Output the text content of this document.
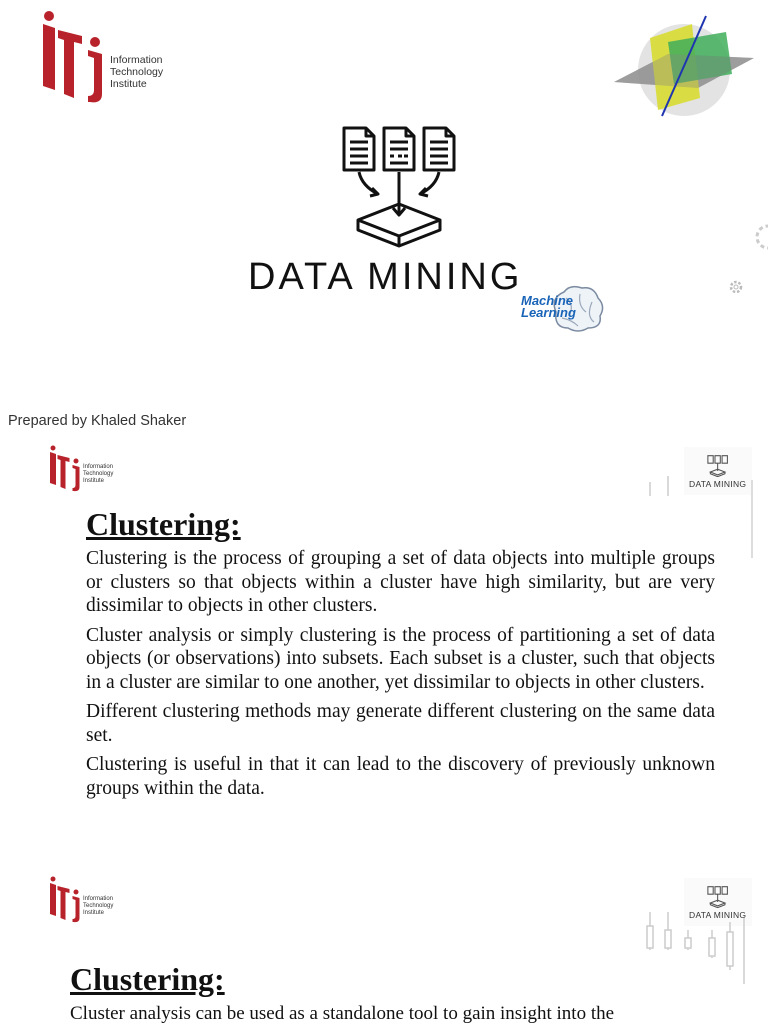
Information
Technology
Institute
DATA MINING
Machine
Learning
Prepared by Khaled Shaker
Information
Technology
Institute	DATA MINING
Clustering:

Clustering is the process of grouping a set of data objects into multiple groups or clusters so that objects within a cluster have high similarity, but are very dissimilar to objects in other clusters.

Cluster analysis or simply clustering is the process of partitioning a set of data objects (or observations) into subsets. Each subset is a cluster, such that objects in a cluster are similar to one another, yet dissimilar to objects in other clusters.

Different clustering methods may generate different clustering on the same data set.

Clustering is useful in that it can lead to the discovery of previously unknown groups within the data.

Information
Technology
Institute	DATA MINING
Clustering:
Cluster analysis can be used as a standalone tool to gain insight into the
